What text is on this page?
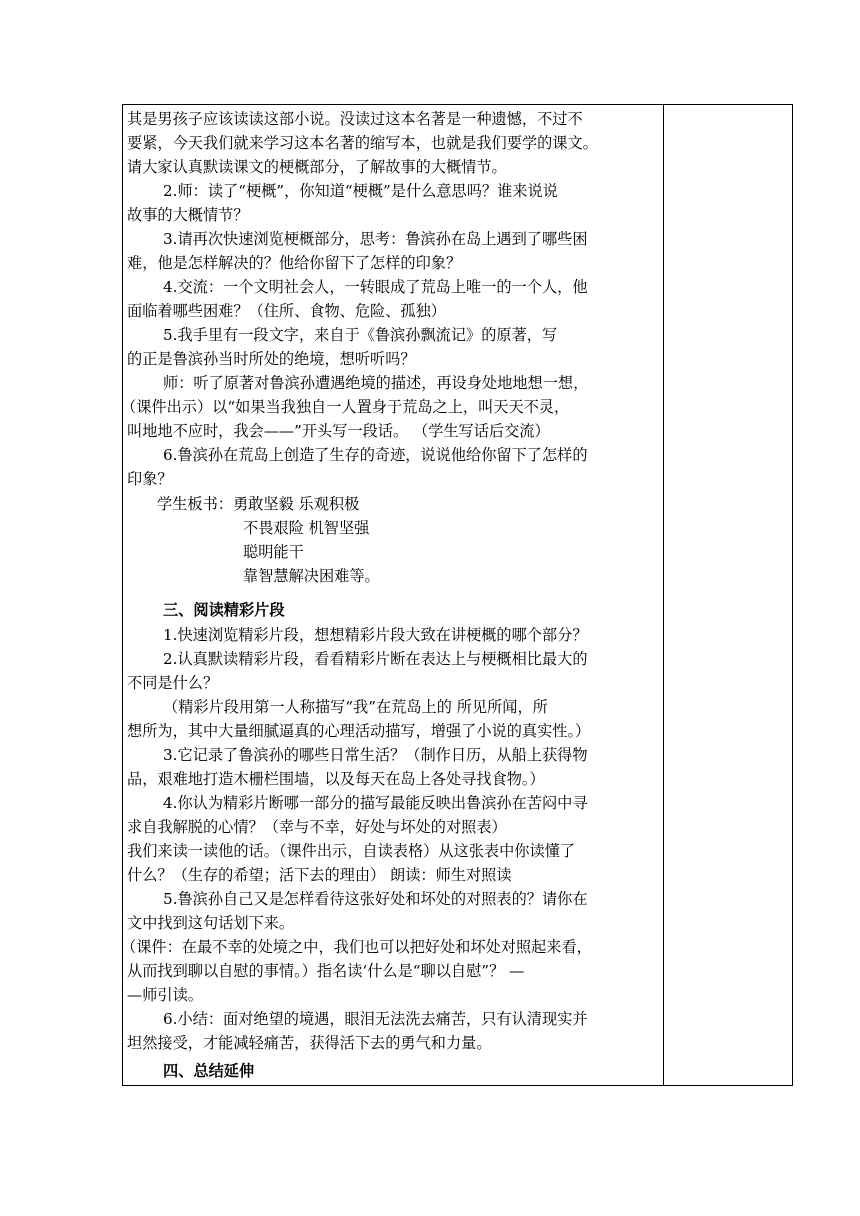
其是男孩子应该读读这部小说。没读过这本名著是一种遗憾，不过不
要紧，今天我们就来学习这本名著的缩写本，也就是我们要学的课文。
请大家认真默读课文的梗概部分，了解故事的大概情节。
2.师：读了“梗概”，你知道“梗概”是什么意思吗？谁来说说
故事的大概情节？
3.请再次快速浏览梗概部分，思考：鲁滨孙在岛上遇到了哪些困
难，他是怎样解决的？他给你留下了怎样的印象？
4.交流：一个文明社会人，一转眼成了荒岛上唯一的一个人，他
面临着哪些困难？（住所、食物、危险、孤独）
5.我手里有一段文字，来自于《鲁滨孙飘流记》的原著，写
的正是鲁滨孙当时所处的绝境，想听听吗？
师：听了原著对鲁滨孙遭遇绝境的描述，再设身处地地想一想，
（课件出示）以“如果当我独自一人置身于荒岛之上，叫天天不灵，
叫地地不应时，我会——”开头写一段话。 （学生写话后交流）
6.鲁滨孙在荒岛上创造了生存的奇迹，说说他给你留下了怎样的
印象？
学生板书：勇敢坚毅 乐观积极
不畏艰险 机智坚强
聪明能干
靠智慧解决困难等。
三、阅读精彩片段
1.快速浏览精彩片段，想想精彩片段大致在讲梗概的哪个部分？
2.认真默读精彩片段，看看精彩片断在表达上与梗概相比最大的
不同是什么？
（精彩片段用第一人称描写“我”在荒岛上的 所见所闻，所
想所为，其中大量细腻逼真的心理活动描写，增强了小说的真实性。）
3.它记录了鲁滨孙的哪些日常生活？（制作日历，从船上获得物
品，艰难地打造木栅栏围墙，以及每天在岛上各处寻找食物。）
4.你认为精彩片断哪一部分的描写最能反映出鲁滨孙在苦闷中寻
求自我解脱的心情？（幸与不幸，好处与坏处的对照表）
我们来读一读他的话。（课件出示，自读表格）从这张表中你读懂了
什么？（生存的希望；活下去的理由） 朗读：师生对照读
5.鲁滨孙自己又是怎样看待这张好处和坏处的对照表的？请你在
文中找到这句话划下来。
（课件：在最不幸的处境之中，我们也可以把好处和坏处对照起来看，
从而找到聊以自慰的事情。）指名读‘什么是“聊以自慰”？ —
—师引读。
6.小结：面对绝望的境遇，眼泪无法洗去痛苦，只有认清现实并
坦然接受，才能减轻痛苦，获得活下去的勇气和力量。
四、总结延伸
